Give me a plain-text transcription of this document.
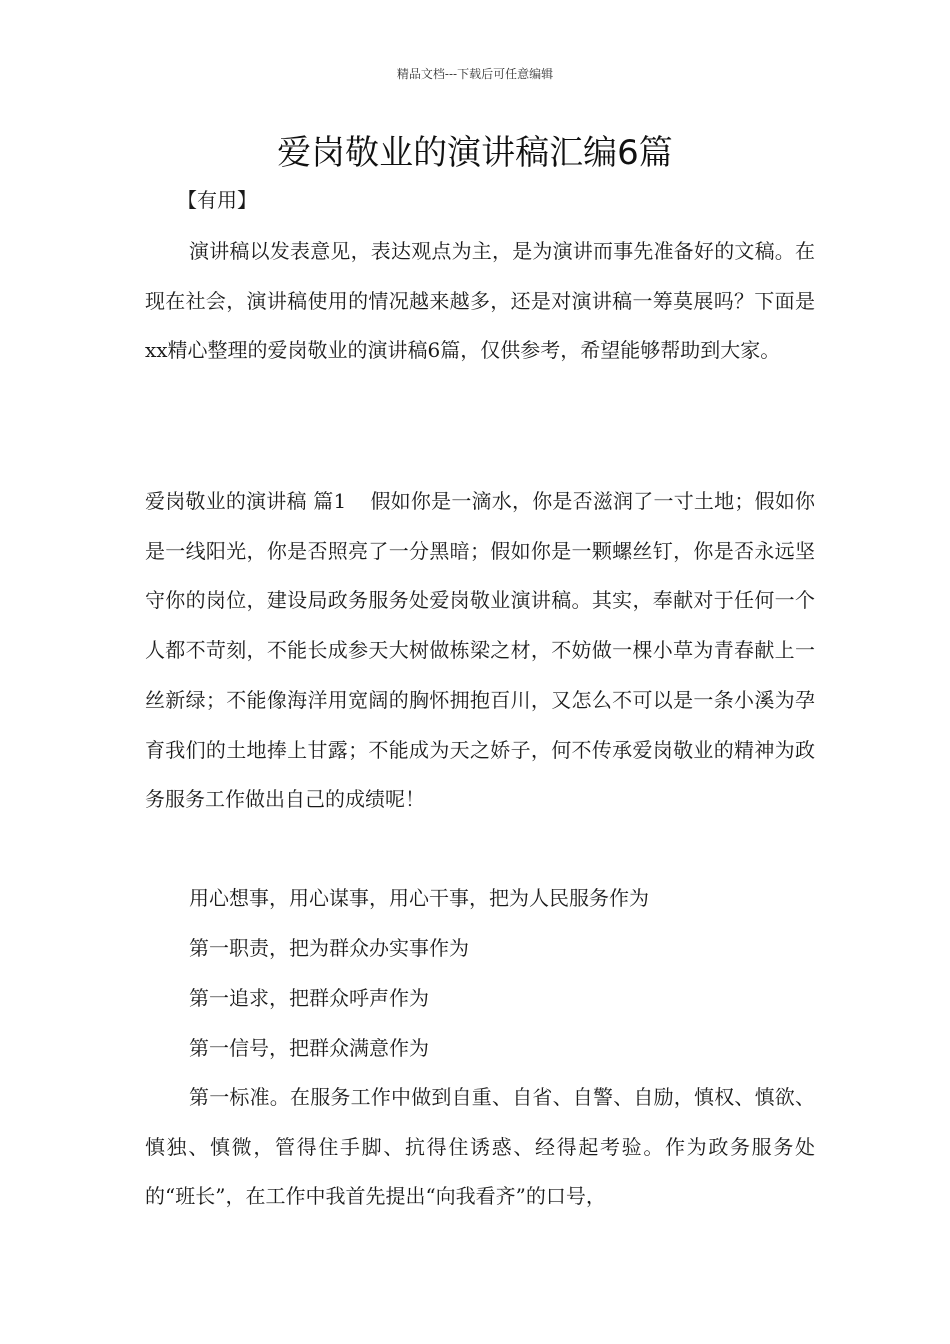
精品文档---下载后可任意编辑
爱岗敬业的演讲稿汇编6篇
【有用】

演讲稿以发表意见，表达观点为主，是为演讲而事先准备好的文稿。在现在社会，演讲稿使用的情况越来越多，还是对演讲稿一筹莫展吗？下面是xx精心整理的爱岗敬业的演讲稿6篇，仅供参考，希望能够帮助到大家。

爱岗敬业的演讲稿 篇1 假如你是一滴水，你是否滋润了一寸土地；假如你是一线阳光，你是否照亮了一分黑暗；假如你是一颗螺丝钉，你是否永远坚守你的岗位，建设局政务服务处爱岗敬业演讲稿。其实，奉献对于任何一个人都不苛刻，不能长成参天大树做栋梁之材，不妨做一棵小草为青春献上一丝新绿；不能像海洋用宽阔的胸怀拥抱百川，又怎么不可以是一条小溪为孕育我们的土地捧上甘露；不能成为天之娇子，何不传承爱岗敬业的精神为政务服务工作做出自己的成绩呢！

用心想事，用心谋事，用心干事，把为人民服务作为

第一职责，把为群众办实事作为

第一追求，把群众呼声作为

第一信号，把群众满意作为

第一标准。在服务工作中做到自重、自省、自警、自励，慎权、慎欲、慎独、慎微，管得住手脚、抗得住诱惑、经得起考验。作为政务服务处的“班长”，在工作中我首先提出“向我看齐”的口号，
